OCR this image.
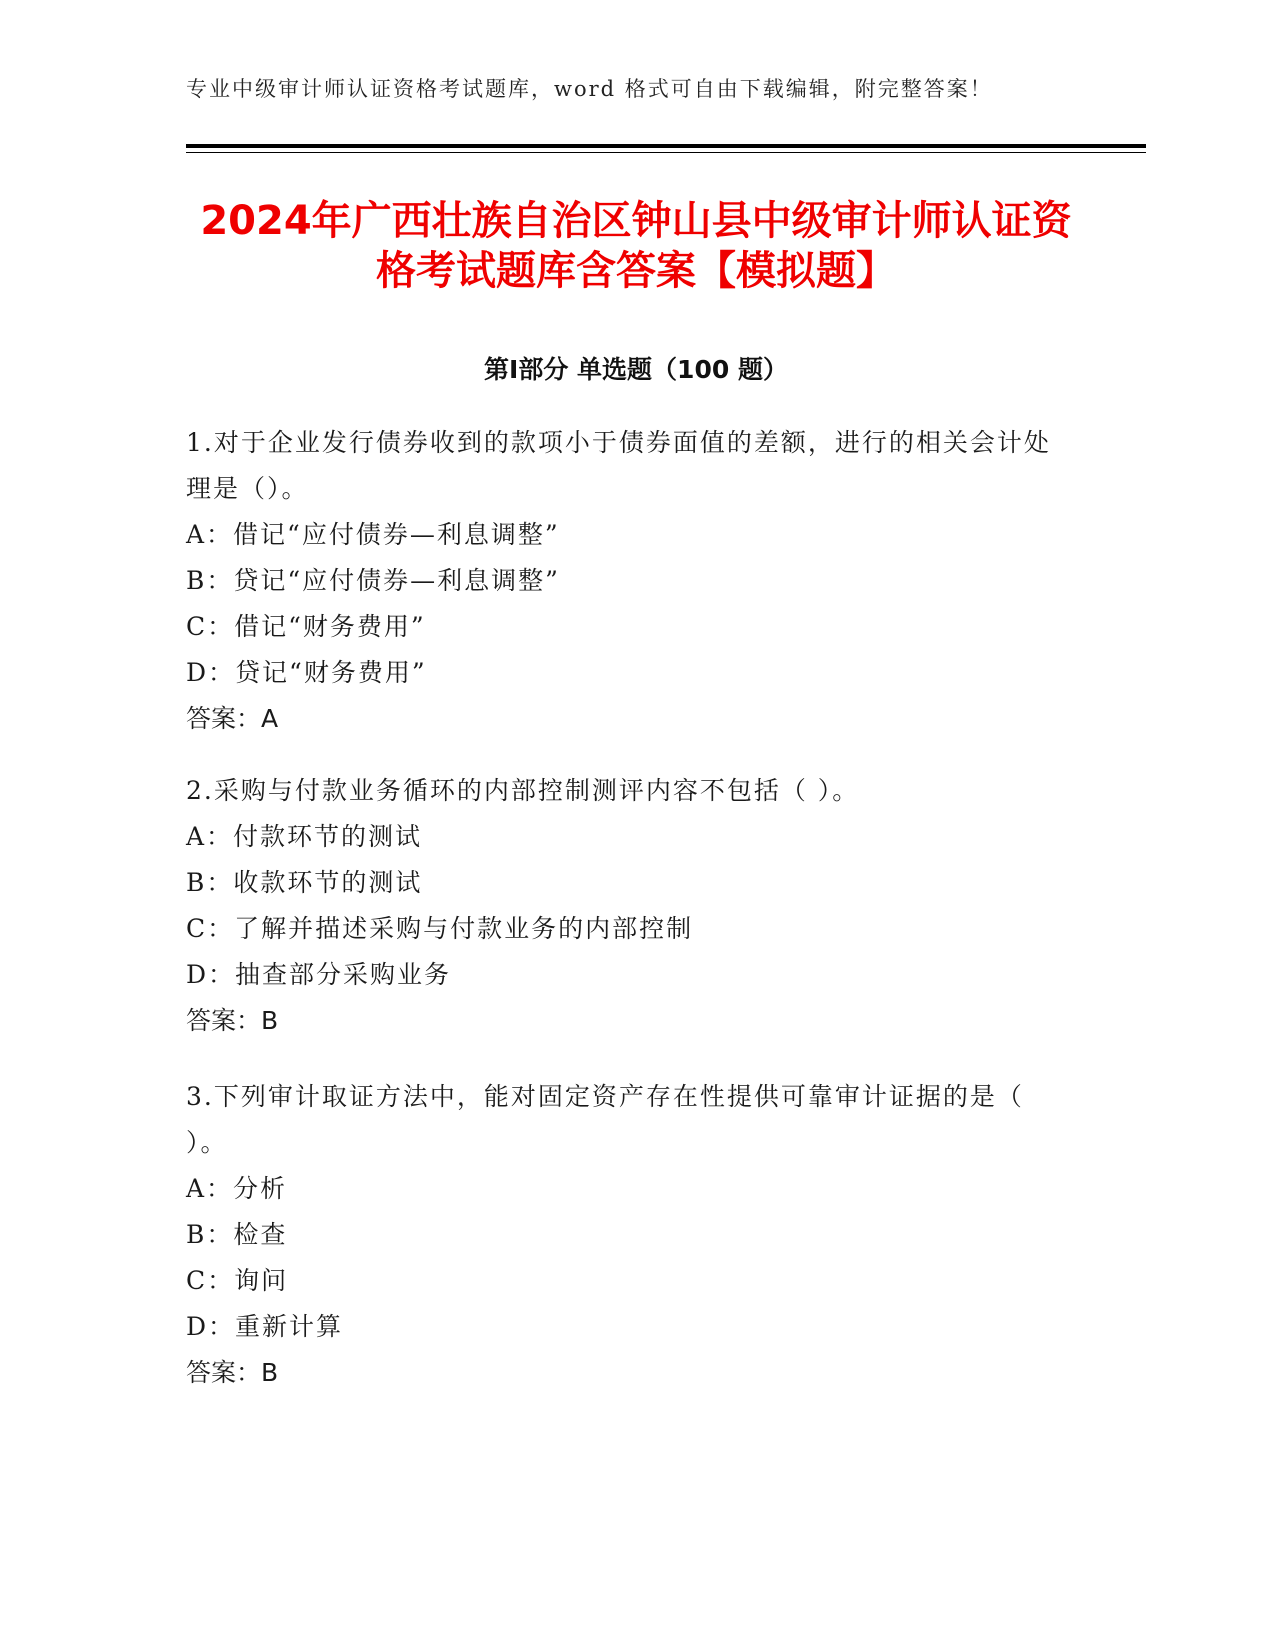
专业中级审计师认证资格考试题库，word 格式可自由下载编辑，附完整答案！
2024年广西壮族自治区钟山县中级审计师认证资格考试题库含答案【模拟题】
第Ⅰ部分 单选题（100 题）

1.对于企业发行债券收到的款项小于债券面值的差额，进行的相关会计处理是（）。

A：借记“应付债券—利息调整”

B：贷记“应付债券—利息调整”

C：借记“财务费用”

D：贷记“财务费用”

答案：A

2.采购与付款业务循环的内部控制测评内容不包括（ ）。

A：付款环节的测试

B：收款环节的测试

C：了解并描述采购与付款业务的内部控制

D：抽查部分采购业务

答案：B

3.下列审计取证方法中，能对固定资产存在性提供可靠审计证据的是（ ）。

A：分析

B：检查

C：询问

D：重新计算

答案：B
